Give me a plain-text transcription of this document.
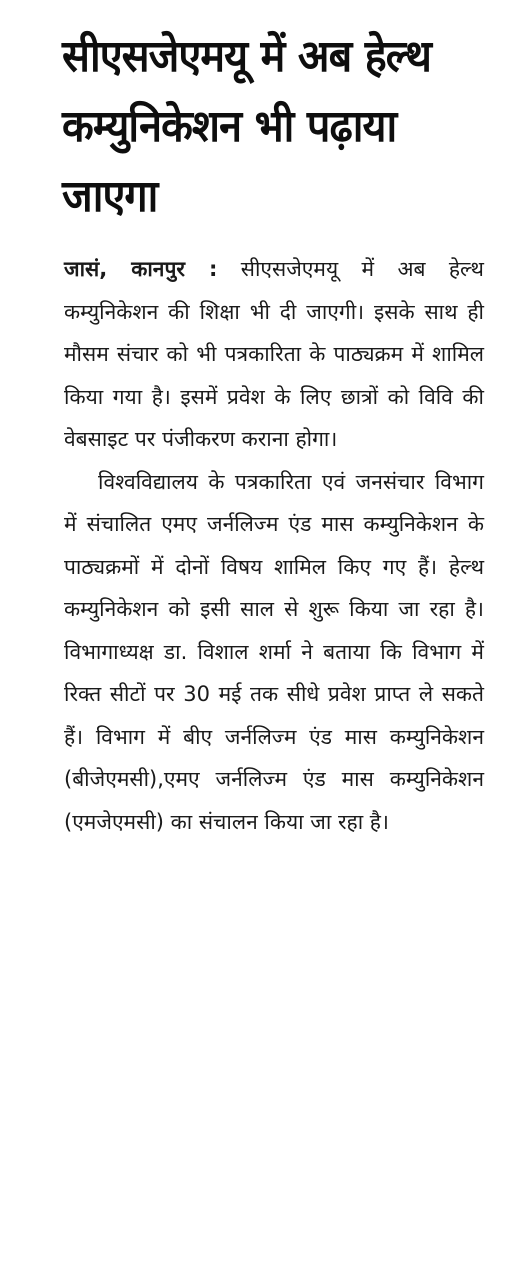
सीएसजेएमयू में अब हेल्थ कम्युनिकेशन भी पढ़ाया जाएगा

जासं, कानपुर : सीएसजेएमयू में अब हेल्थ कम्युनिकेशन की शिक्षा भी दी जाएगी। इसके साथ ही मौसम संचार को भी पत्रकारिता के पाठ्यक्रम में शामिल किया गया है। इसमें प्रवेश के लिए छात्रों को विवि की वेबसाइट पर पंजीकरण कराना होगा।

विश्वविद्यालय के पत्रकारिता एवं जनसंचार विभाग में संचालित एमए जर्नलिज्म एंड मास कम्युनिकेशन के पाठ्यक्रमों में दोनों विषय शामिल किए गए हैं। हेल्थ कम्युनिकेशन को इसी साल से शुरू किया जा रहा है। विभागाध्यक्ष डा. विशाल शर्मा ने बताया कि विभाग में रिक्त सीटों पर 30 मई तक सीधे प्रवेश प्राप्त ले सकते हैं। विभाग में बीए जर्नलिज्म एंड मास कम्युनिकेशन (बीजेएमसी),एमए जर्नलिज्म एंड मास कम्युनिकेशन (एमजेएमसी) का संचालन किया जा रहा है।
